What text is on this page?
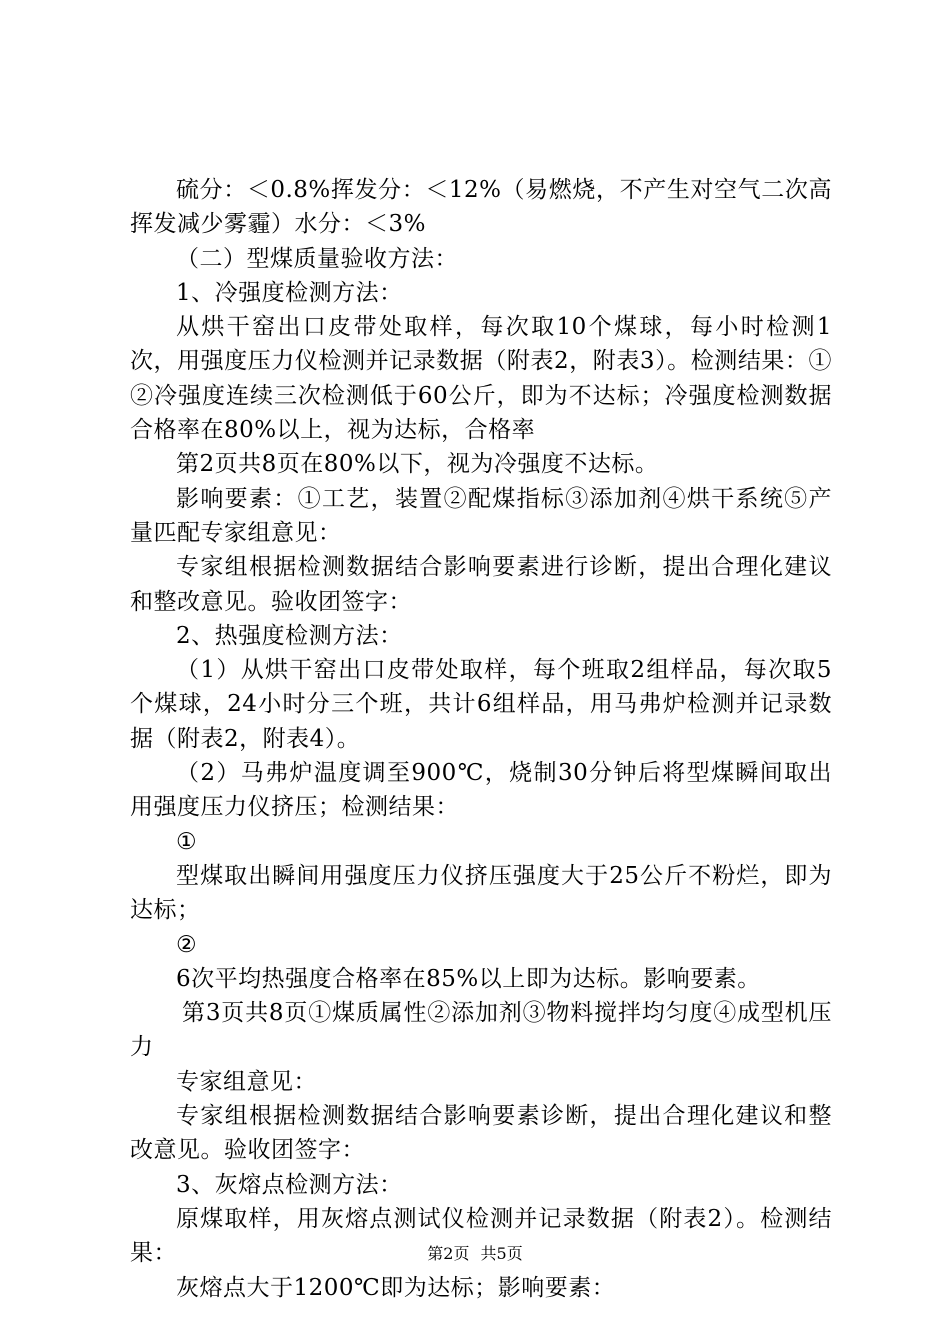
硫分：＜0.8%挥发分：＜12%（易燃烧，不产生对空气二次高挥发减少雾霾）水分：＜3%

（二）型煤质量验收方法：

1、冷强度检测方法：

从烘干窑出口皮带处取样，每次取10个煤球，每小时检测1次，用强度压力仪检测并记录数据（附表2，附表3）。检测结果：①②冷强度连续三次检测低于60公斤，即为不达标；冷强度检测数据合格率在80%以上，视为达标，合格率

第2页共8页在80%以下，视为冷强度不达标。

影响要素：①工艺，装置②配煤指标③添加剂④烘干系统⑤产量匹配专家组意见：

专家组根据检测数据结合影响要素进行诊断，提出合理化建议和整改意见。验收团签字：

2、热强度检测方法：

（1）从烘干窑出口皮带处取样，每个班取2组样品，每次取5个煤球，24小时分三个班，共计6组样品，用马弗炉检测并记录数据（附表2，附表4）。

（2）马弗炉温度调至900℃，烧制30分钟后将型煤瞬间取出用强度压力仪挤压；检测结果：

①

型煤取出瞬间用强度压力仪挤压强度大于25公斤不粉烂，即为达标；

②

6次平均热强度合格率在85%以上即为达标。影响要素。

第3页共8页①煤质属性②添加剂③物料搅拌均匀度④成型机压力

专家组意见：

专家组根据检测数据结合影响要素诊断，提出合理化建议和整改意见。验收团签字：

3、灰熔点检测方法：

原煤取样，用灰熔点测试仪检测并记录数据（附表2）。检测结果：

灰熔点大于1200℃即为达标；影响要素：

第2页 共5页
